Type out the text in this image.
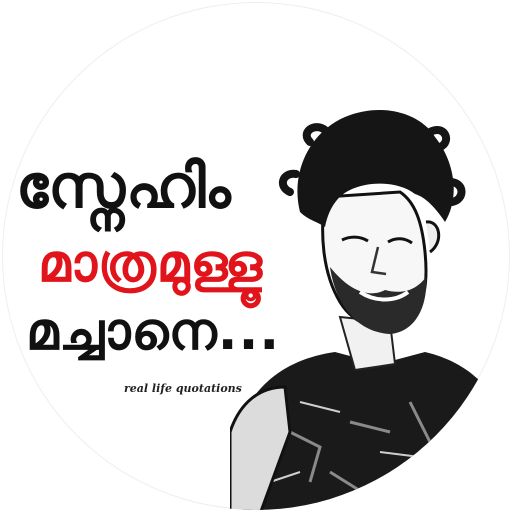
സ്നേഹിം
മാത്രമുള്ളൂ
മച്ചാനെ...
real life quotations
